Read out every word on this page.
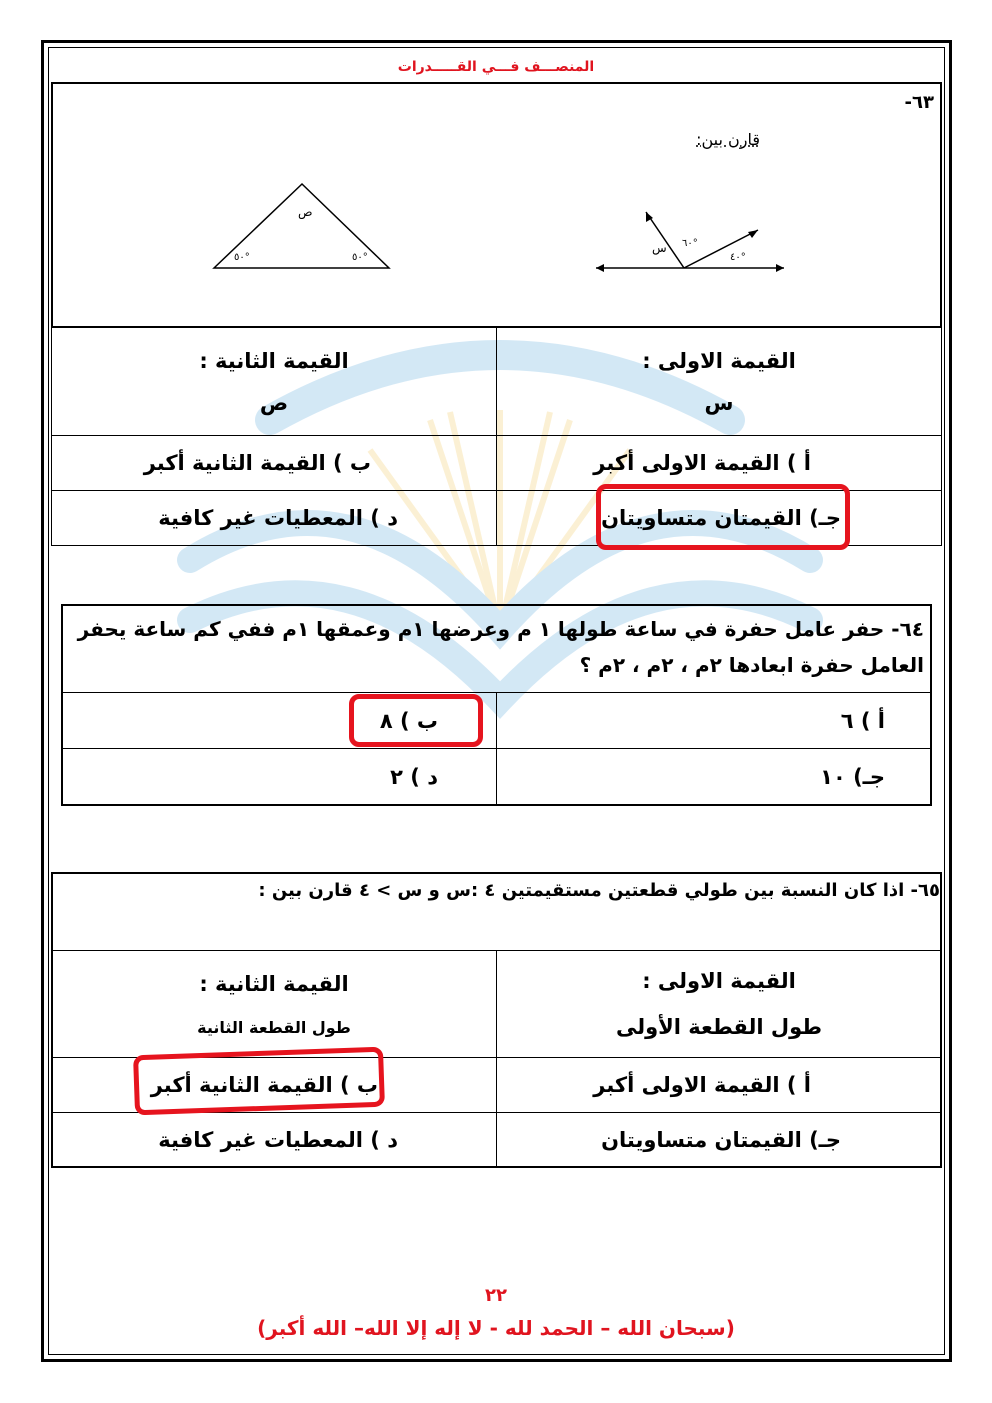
المنصـــف فـــي القـــــدرات
٦٣-
قارن بين:
س ٦٠°
٤٠°
ص
٥٠°	٥٠°
القيمة الاولى :
س
القيمة الثانية :
ص
أ ) القيمة الاولى أكبر
ب ) القيمة الثانية أكبر
جـ) القيمتان متساويتان
د ) المعطيات غير كافية
٦٤- حفر عامل حفرة في ساعة طولها ١ م وعرضها ١م وعمقها ١م ففي كم ساعة يحفر العامل حفرة ابعادها ٢م ، ٢م ، ٢م ؟
أ ) ٦
ب ) ٨
جـ) ١٠
د ) ٢
٦٥- اذا كان النسبة بين طولي قطعتين مستقيمتين ٤ :س و س > ٤ قارن بين :
القيمة الاولى :
طول القطعة الأولى
القيمة الثانية :
طول القطعة الثانية
أ ) القيمة الاولى أكبر
ب ) القيمة الثانية أكبر
جـ) القيمتان متساويتان
د ) المعطيات غير كافية
٢٢
(سبحان الله – الحمد لله - لا إله إلا الله– الله أكبر)
